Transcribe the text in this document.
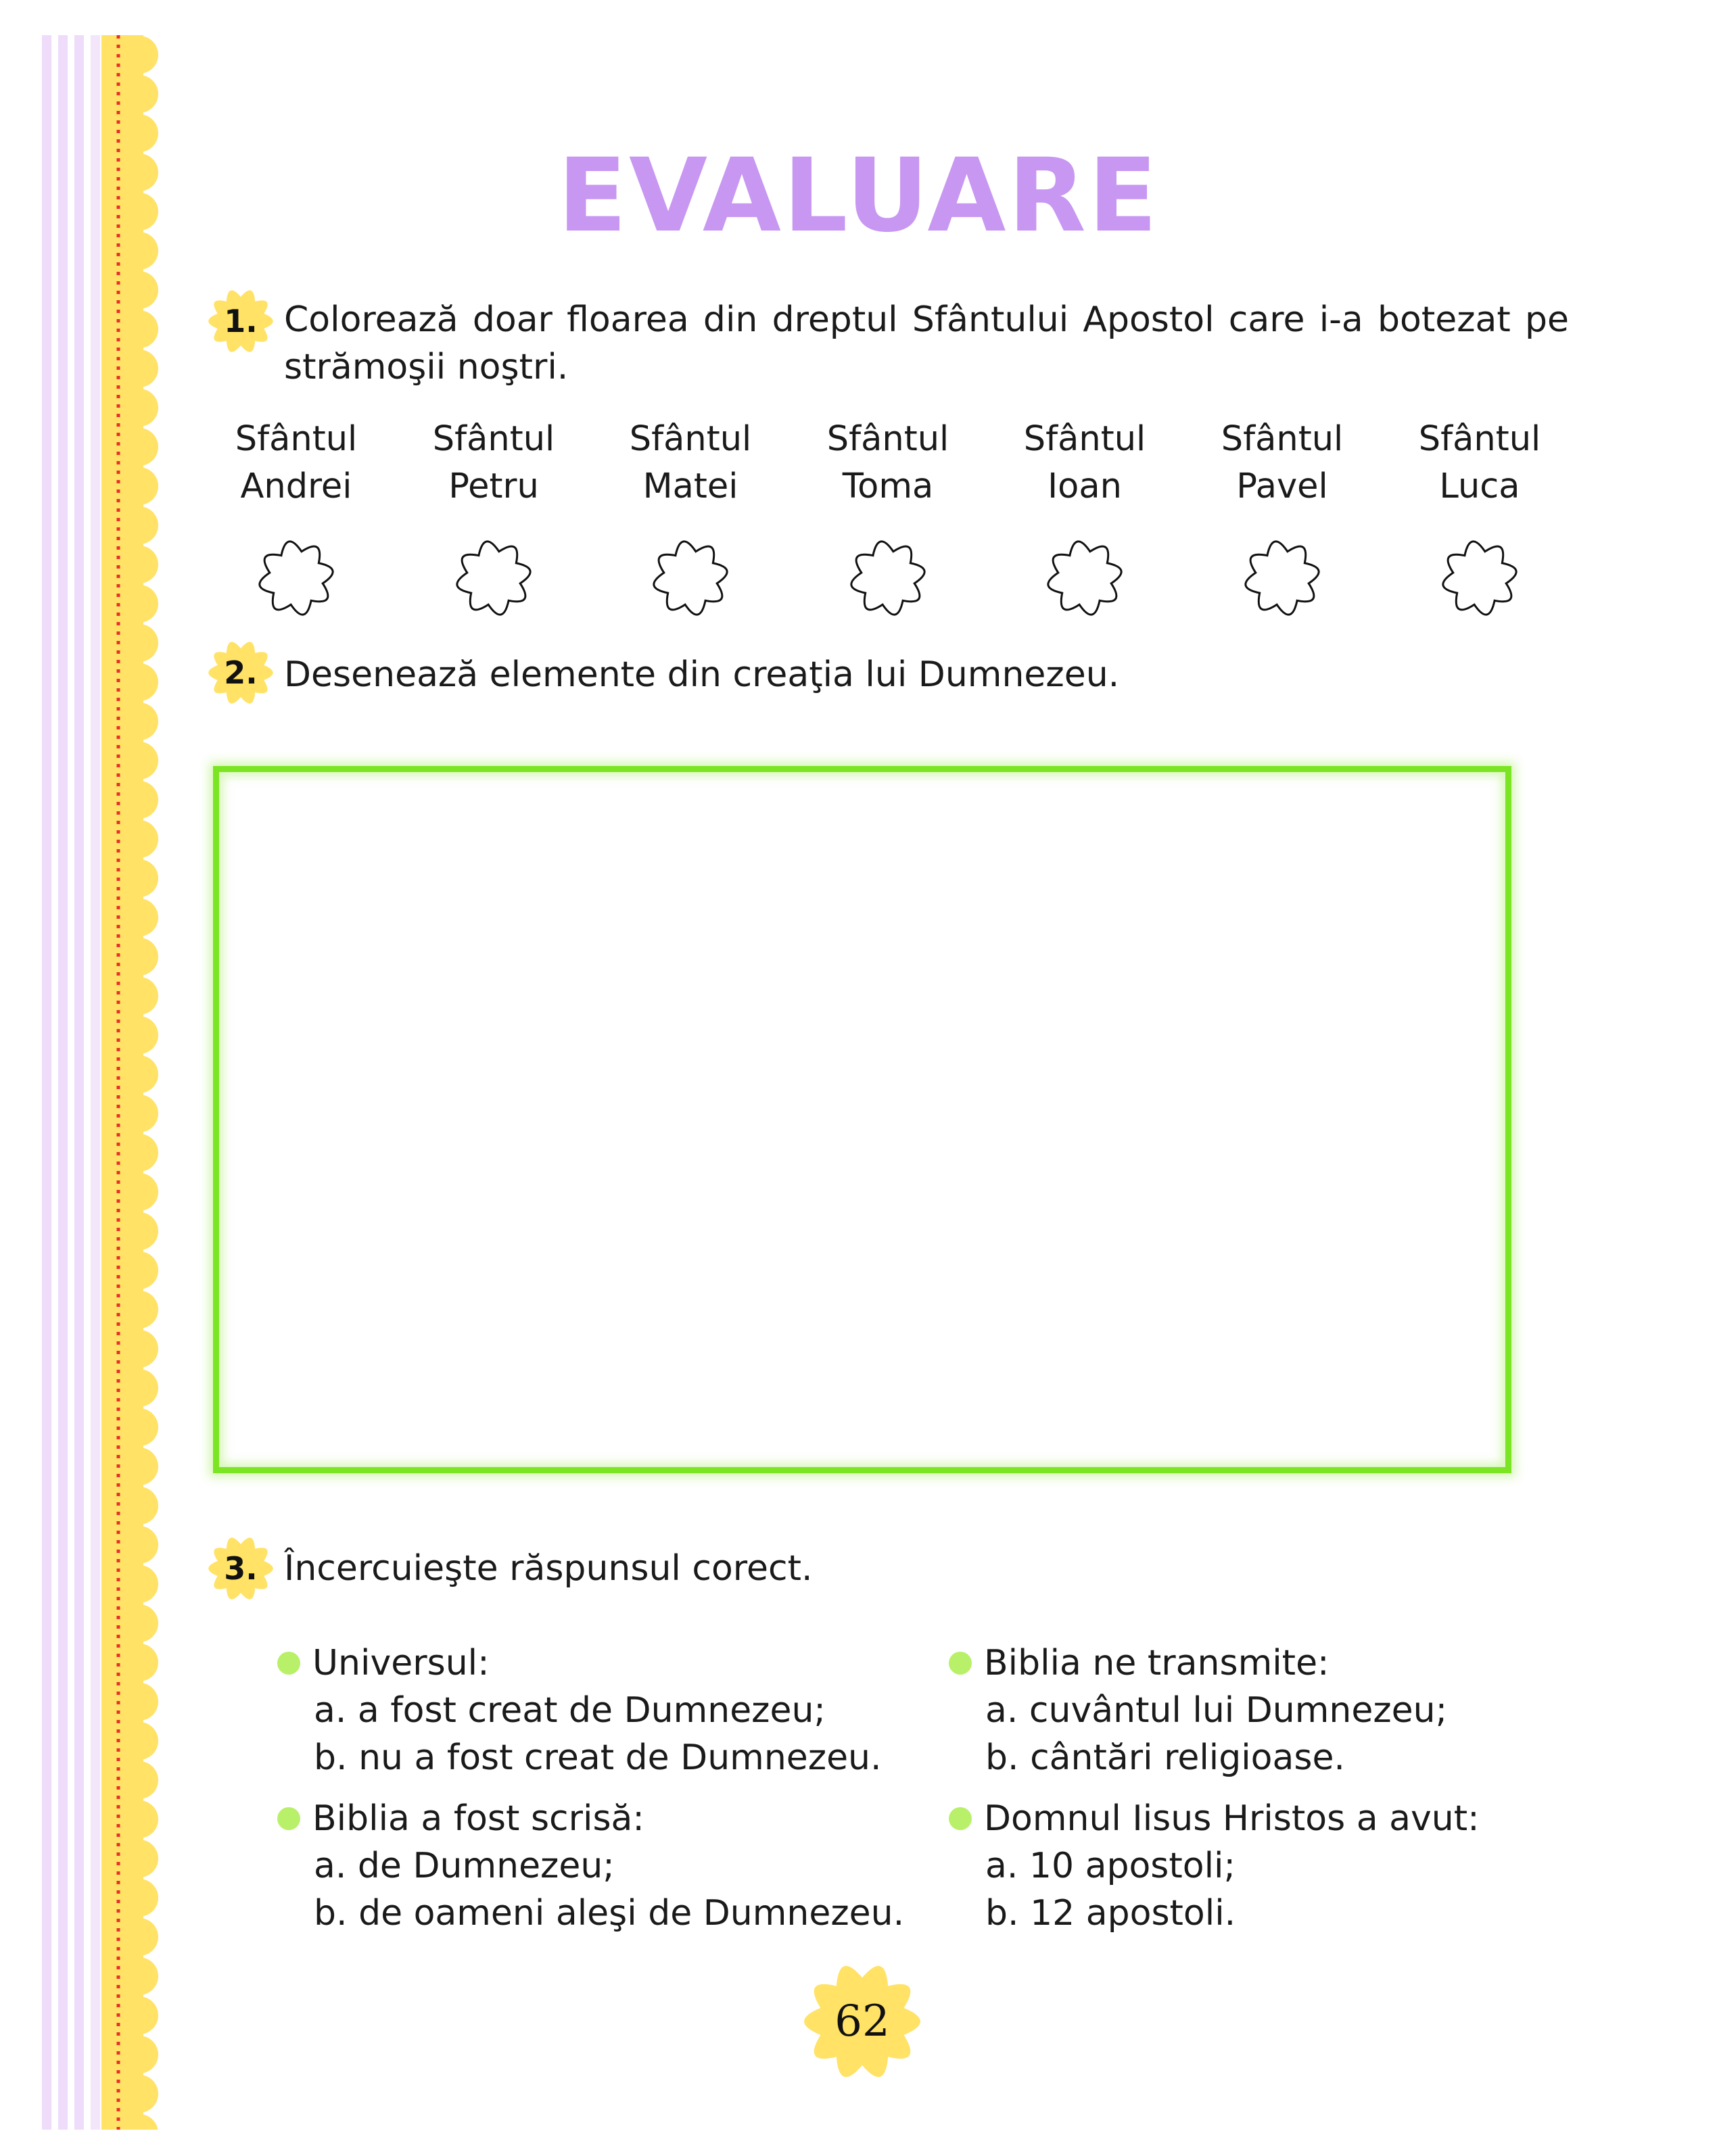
EVALUARE
1. Colorează doar floarea din dreptul Sfântului Apostol care i-a botezat pe strămoşii noştri.
Sfântul
Andrei
Sfântul
Petru
Sfântul
Matei
Sfântul
Toma
Sfântul
Ioan
Sfântul
Pavel
Sfântul
Luca
2. Desenează elemente din creaţia lui Dumnezeu.
3. Încercuieşte răspunsul corect.
Universul:
a. a fost creat de Dumnezeu;
b. nu a fost creat de Dumnezeu.
Biblia ne transmite:
a. cuvântul lui Dumnezeu;
b. cântări religioase.
Biblia a fost scrisă:
a. de Dumnezeu;
b. de oameni aleşi de Dumnezeu.
Domnul Iisus Hristos a avut:
a. 10 apostoli;
b. 12 apostoli.
62
